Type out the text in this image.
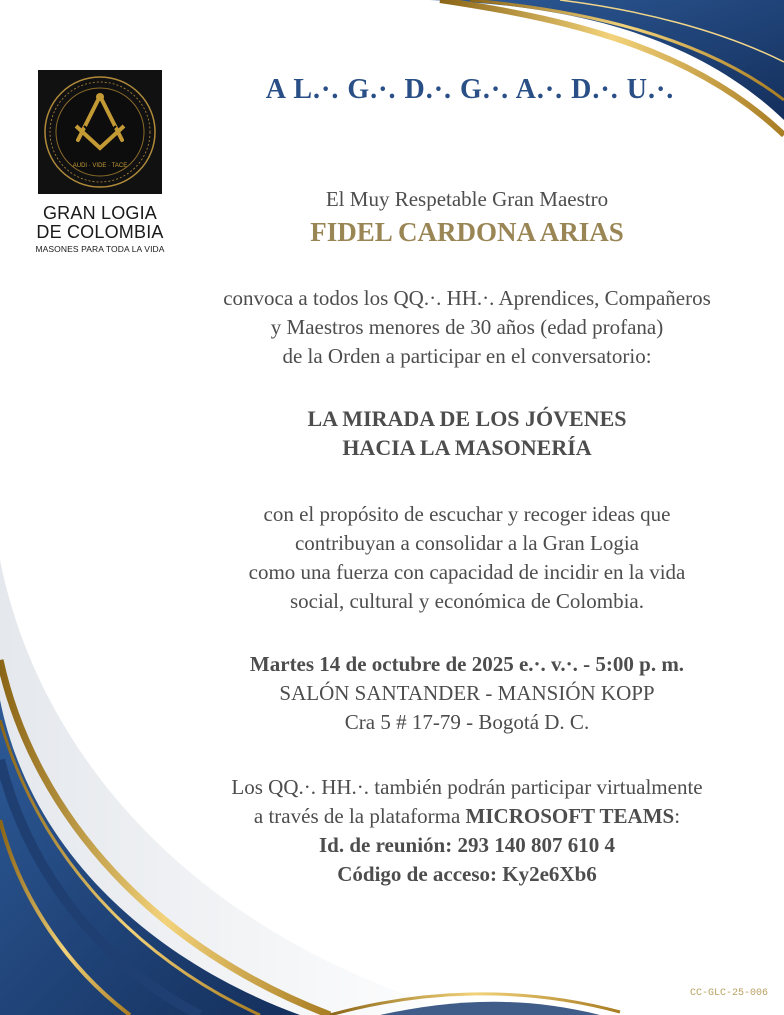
AUDI · VIDE · TACE
GRAN LOGIA
DE COLOMBIA
MASONES PARA TODA LA VIDA
A L.·. G.·. D.·. G.·. A.·. D.·. U.·.

El Muy Respetable Gran Maestro

FIDEL CARDONA ARIAS

convoca a todos los QQ.·. HH.·. Aprendices, Compañeros

y Maestros menores de 30 años (edad profana)

de la Orden a participar en el conversatorio:

LA MIRADA DE LOS JÓVENES

HACIA LA MASONERÍA

con el propósito de escuchar y recoger ideas que

contribuyan a consolidar a la Gran Logia

como una fuerza con capacidad de incidir en la vida

social, cultural y económica de Colombia.

Martes 14 de octubre de 2025 e.·. v.·. - 5:00 p. m.

SALÓN SANTANDER - MANSIÓN KOPP

Cra 5 # 17-79 - Bogotá D. C.

Los QQ.·. HH.·. también podrán participar virtualmente

a través de la plataforma MICROSOFT TEAMS:

Id. de reunión: 293 140 807 610 4

Código de acceso: Ky2e6Xb6

CC-GLC-25-006
